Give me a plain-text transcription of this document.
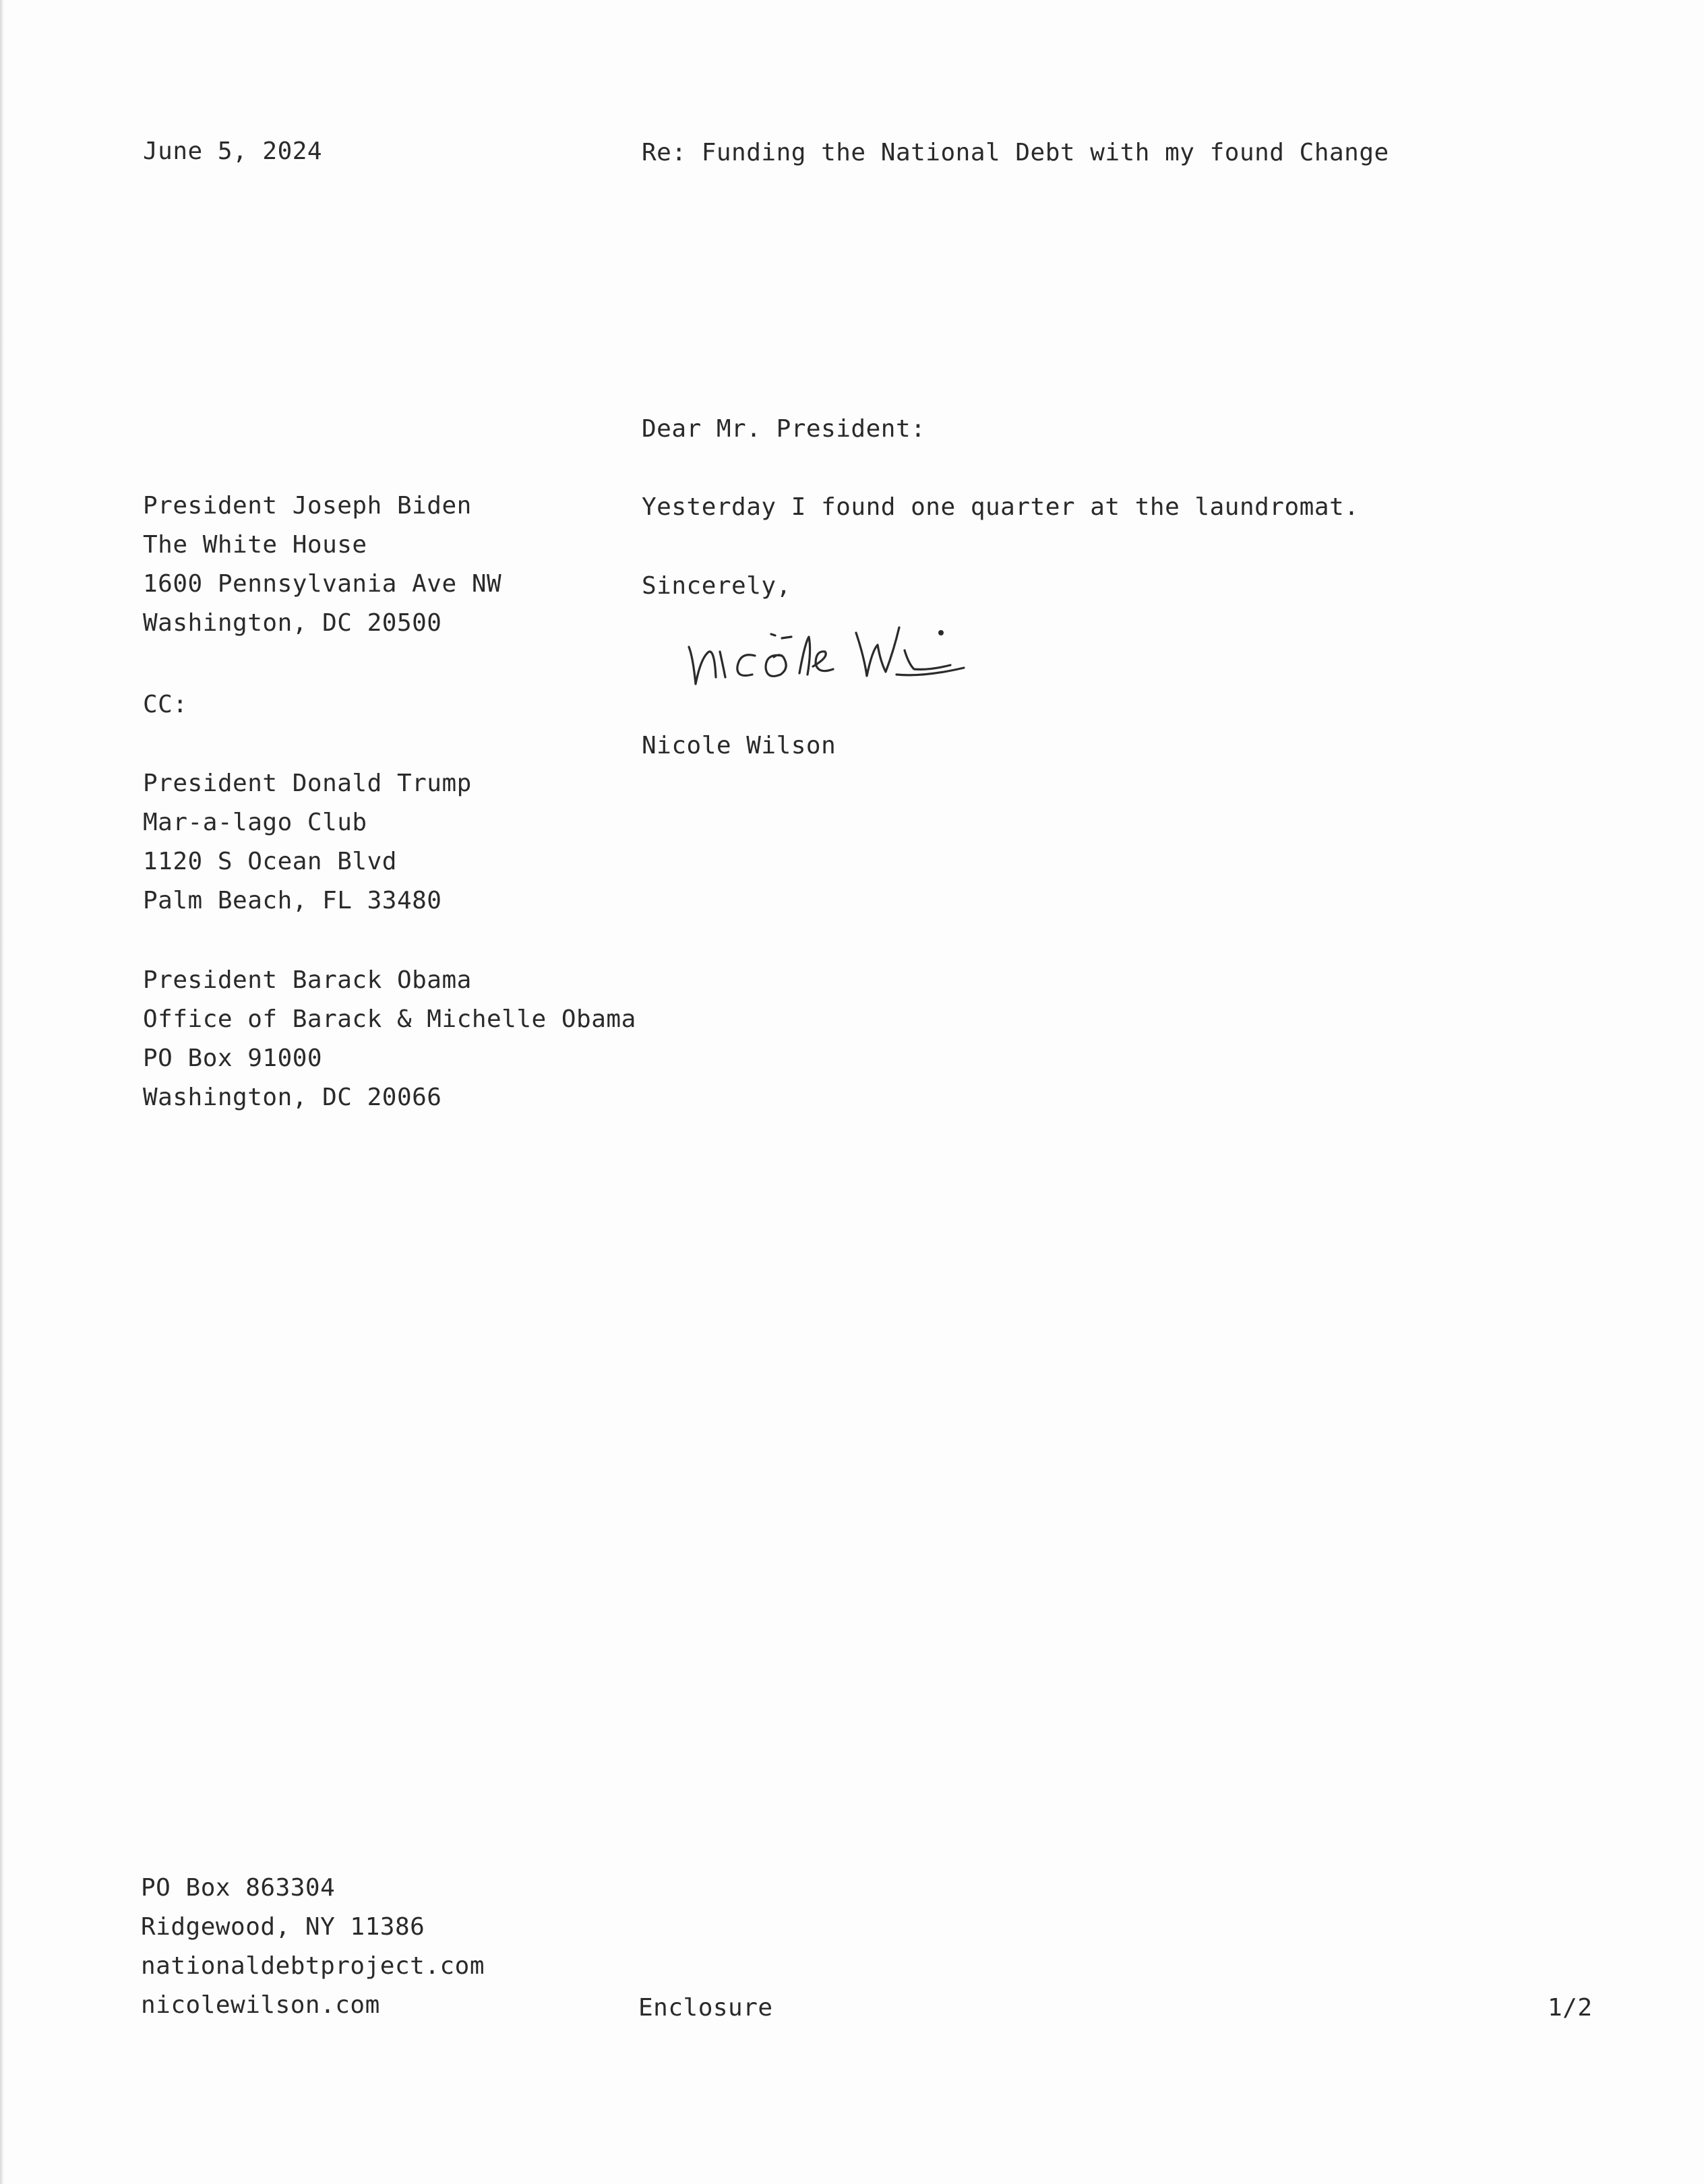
June 5, 2024	Re: Funding the National Debt with my found Change
Dear Mr. President:
President Joseph Biden
The White House
1600 Pennsylvania Ave NW
Washington, DC 20500
Yesterday I found one quarter at the laundromat.
Sincerely,
Nicole Wilson
CC:
President Donald Trump
Mar-a-lago Club
1120 S Ocean Blvd
Palm Beach, FL 33480
President Barack Obama
Office of Barack & Michelle Obama
PO Box 91000
Washington, DC 20066
PO Box 863304
Ridgewood, NY 11386
nationaldebtproject.com
nicolewilson.com	Enclosure	1/2
